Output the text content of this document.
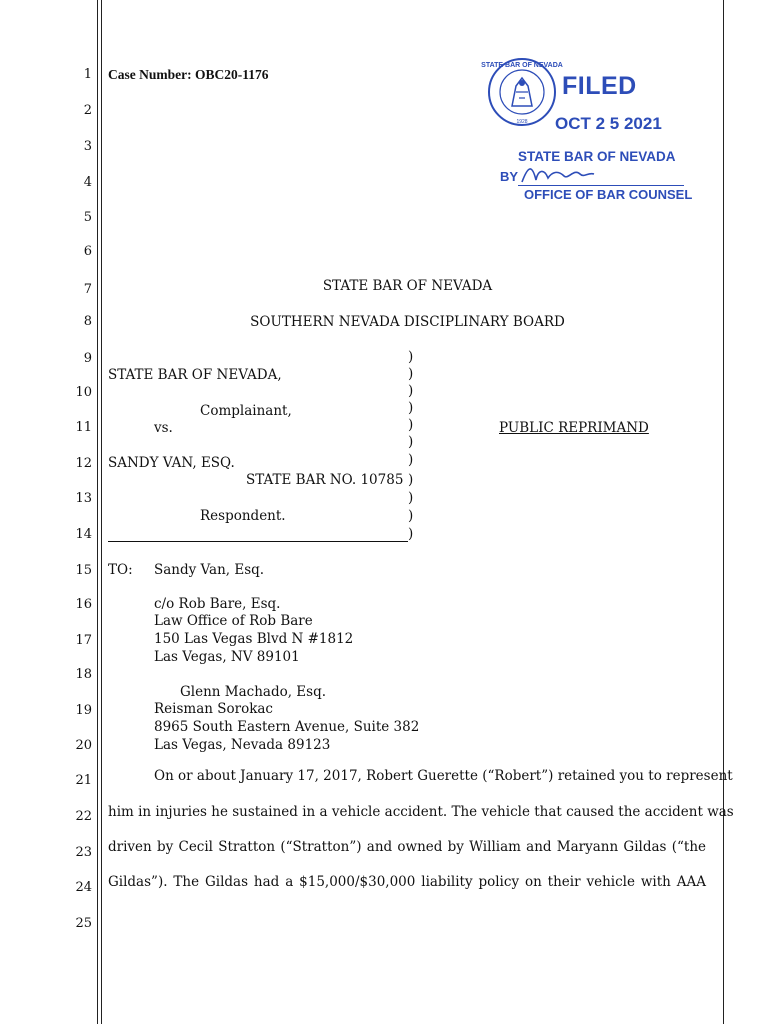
1
2
3
4
5
6
7
8
9
10
11
12
13
14
15
16
17
18
19
20
21
22
23
24
25
Case Number: OBC20-1176
STATE BAR OF NEVADA
1928
FILED
OCT 2 5 2021
STATE BAR OF NEVADA
BY
OFFICE OF BAR COUNSEL
STATE BAR OF NEVADA
SOUTHERN NEVADA DISCIPLINARY BOARD
)
)
)
)
)
)
)
)
)
)
)
STATE BAR OF NEVADA,
Complainant,
vs.
SANDY VAN, ESQ.
STATE BAR NO. 10785
Respondent.
PUBLIC REPRIMAND
TO: Sandy Van, Esq.
c/o Rob Bare, Esq.
Law Office of Rob Bare
150 Las Vegas Blvd N #1812
Las Vegas, NV 89101
Glenn Machado, Esq.
Reisman Sorokac
8965 South Eastern Avenue, Suite 382
Las Vegas, Nevada 89123
On or about January 17, 2017, Robert Guerette (“Robert”) retained you to represent
him in injuries he sustained in a vehicle accident. The vehicle that caused the accident was
driven by Cecil Stratton (“Stratton”) and owned by William and Maryann Gildas (“the
Gildas”). The Gildas had a $15,000/$30,000 liability policy on their vehicle with AAA
